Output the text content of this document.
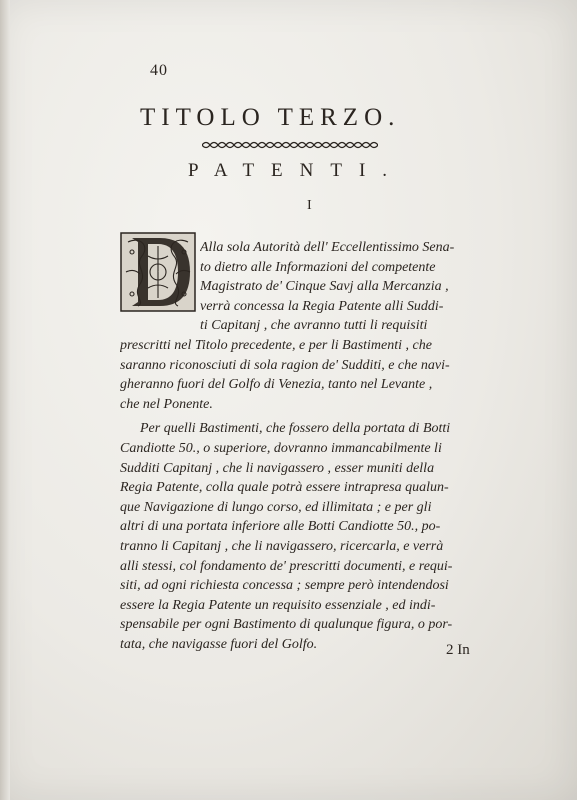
40
TITOLO TERZO.
PATENTI.
I
D
Alla sola Autorità dell' Eccellentissimo Sena-
to dietro alle Informazioni del competente
Magistrato de' Cinque Savj alla Mercanzia ,
verrà concessa la Regia Patente alli Suddi-
ti Capitanj , che avranno tutti li requisiti
prescritti nel Titolo precedente, e per li Bastimenti , che
saranno riconosciuti di sola ragion de' Sudditi, e che navi-
gheranno fuori del Golfo di Venezia, tanto nel Levante ,
che nel Ponente.
Per quelli Bastimenti, che fossero della portata di Botti
Candiotte 50., o superiore, dovranno immancabilmente li
Sudditi Capitanj , che li navigassero , esser muniti della
Regia Patente, colla quale potrà essere intrapresa qualun-
que Navigazione di lungo corso, ed illimitata ; e per gli
altri di una portata inferiore alle Botti Candiotte 50., po-
tranno li Capitanj , che li navigassero, ricercarla, e verrà
alli stessi, col fondamento de' prescritti documenti, e requi-
siti, ad ogni richiesta concessa ; sempre però intendendosi
essere la Regia Patente un requisito essenziale , ed indi-
spensabile per ogni Bastimento di qualunque figura, o por-
tata, che navigasse fuori del Golfo.	2 In
